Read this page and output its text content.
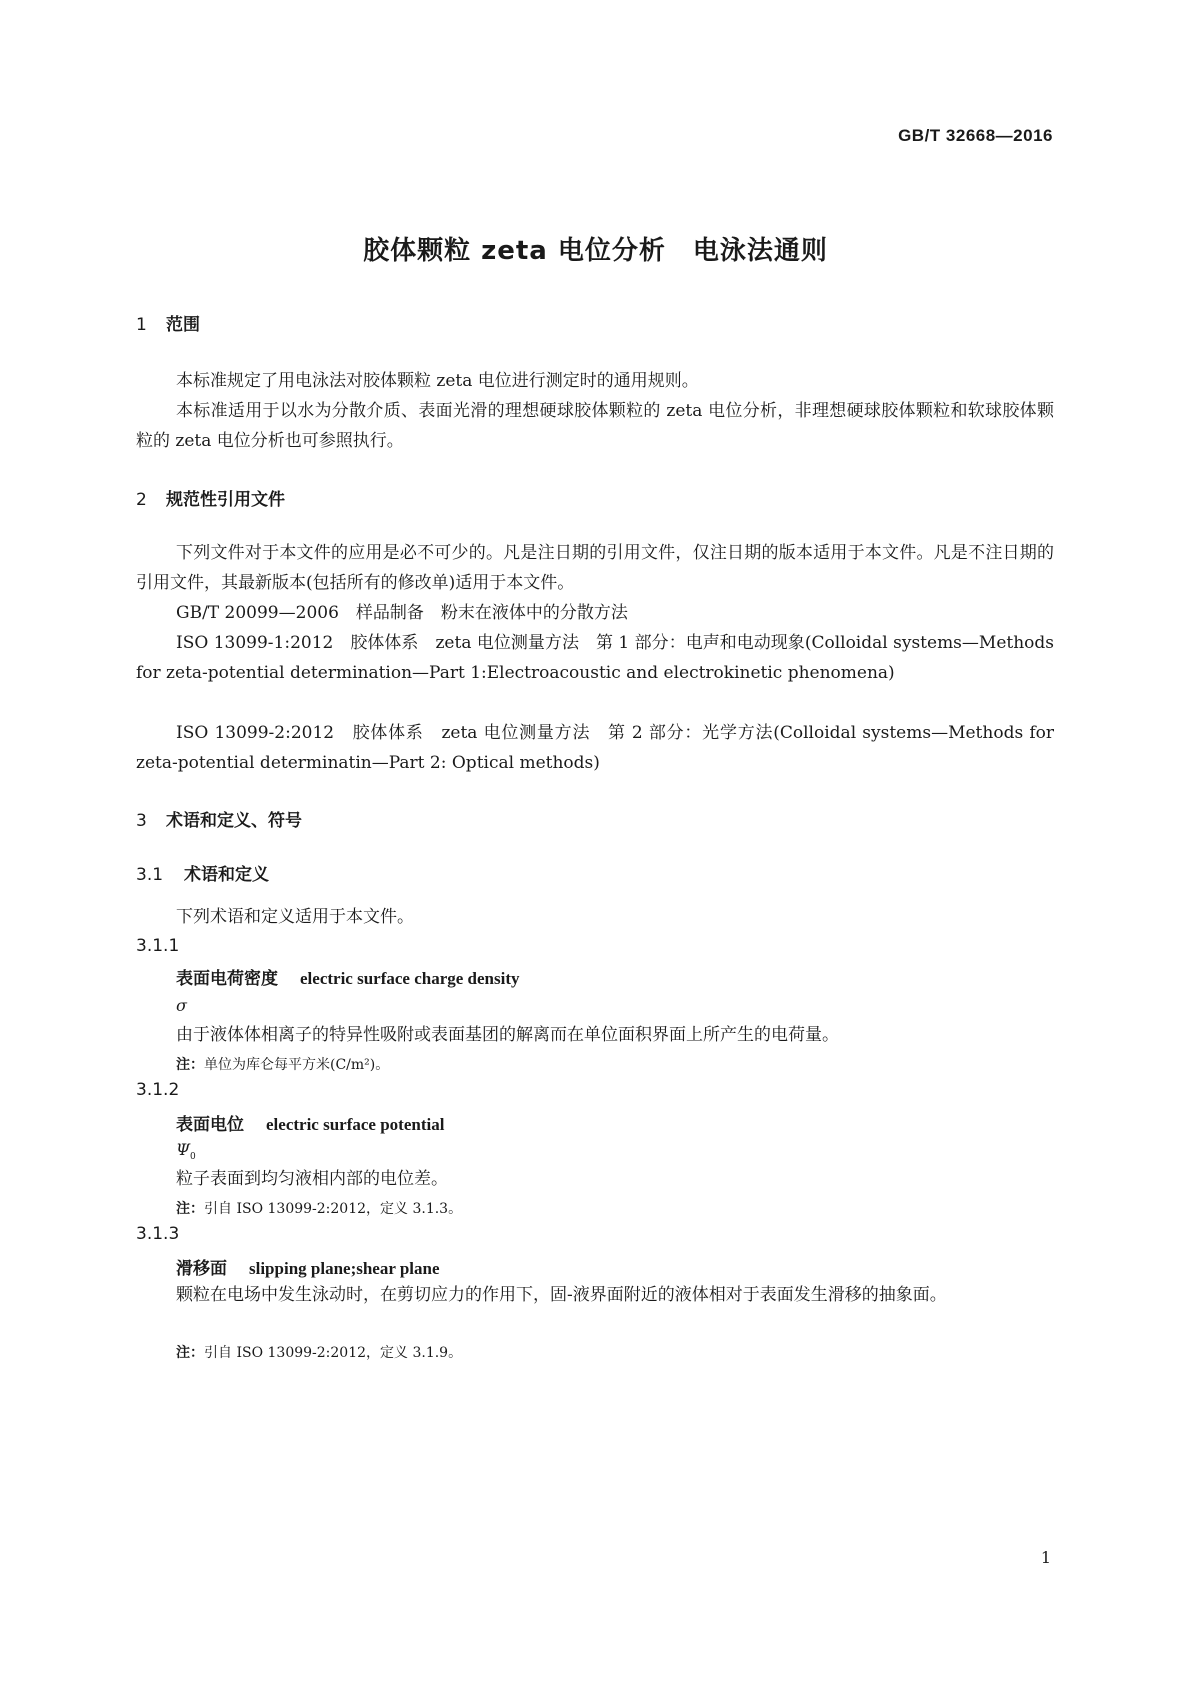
GB/T 32668—2016
胶体颗粒 zeta 电位分析　电泳法通则
1 范围
本标准规定了用电泳法对胶体颗粒 zeta 电位进行测定时的通用规则。
本标准适用于以水为分散介质、表面光滑的理想硬球胶体颗粒的 zeta 电位分析，非理想硬球胶体颗粒和软球胶体颗粒的 zeta 电位分析也可参照执行。
2 规范性引用文件
下列文件对于本文件的应用是必不可少的。凡是注日期的引用文件，仅注日期的版本适用于本文件。凡是不注日期的引用文件，其最新版本(包括所有的修改单)适用于本文件。
GB/T 20099—2006　样品制备　粉末在液体中的分散方法
ISO 13099-1:2012　胶体体系　zeta 电位测量方法　第 1 部分：电声和电动现象(Colloidal systems—Methods for zeta-potential determination—Part 1:Electroacoustic and electrokinetic phenomena)
ISO 13099-2:2012　胶体体系　zeta 电位测量方法　第 2 部分：光学方法(Colloidal systems—Methods for zeta-potential determinatin—Part 2: Optical methods)
3 术语和定义、符号
3.1 术语和定义
下列术语和定义适用于本文件。
3.1.1
表面电荷密度 electric surface charge density
σ
由于液体体相离子的特异性吸附或表面基团的解离而在单位面积界面上所产生的电荷量。
注：单位为库仑每平方米(C/m²)。
3.1.2
表面电位 electric surface potential
$\Psi_0$
粒子表面到均匀液相内部的电位差。
注：引自 ISO 13099-2:2012，定义 3.1.3。
3.1.3
滑移面 slipping plane;shear plane
颗粒在电场中发生泳动时，在剪切应力的作用下，固-液界面附近的液体相对于表面发生滑移的抽象面。
注：引自 ISO 13099-2:2012，定义 3.1.9。
1
